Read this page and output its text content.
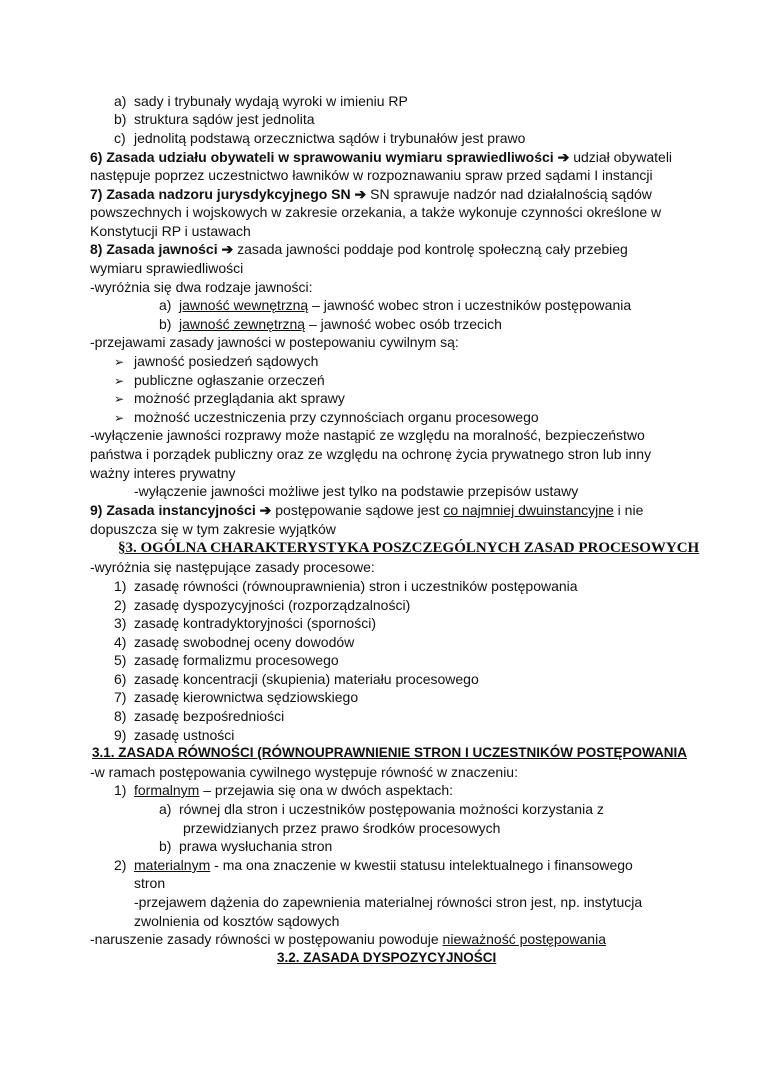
a) sady i trybunały wydają wyroki w imieniu RP
b) struktura sądów jest jednolita
c) jednolitą podstawą orzecznictwa sądów i trybunałów jest prawo
6) Zasada udziału obywateli w sprawowaniu wymiaru sprawiedliwości ➔ udział obywateli
następuje poprzez uczestnictwo ławników w rozpoznawaniu spraw przed sądami I instancji
7) Zasada nadzoru jurysdykcyjnego SN ➔ SN sprawuje nadzór nad działalnością sądów
powszechnych i wojskowych w zakresie orzekania, a także wykonuje czynności określone w
Konstytucji RP i ustawach
8) Zasada jawności ➔ zasada jawności poddaje pod kontrolę społeczną cały przebieg
wymiaru sprawiedliwości
-wyróżnia się dwa rodzaje jawności:
a) jawność wewnętrzną – jawność wobec stron i uczestników postępowania
b) jawność zewnętrzną – jawność wobec osób trzecich
-przejawami zasady jawności w postepowaniu cywilnym są:
➢ jawność posiedzeń sądowych
➢ publiczne ogłaszanie orzeczeń
➢ możność przeglądania akt sprawy
➢ możność uczestniczenia przy czynnościach organu procesowego
-wyłączenie jawności rozprawy może nastąpić ze względu na moralność, bezpieczeństwo
państwa i porządek publiczny oraz ze względu na ochronę życia prywatnego stron lub inny
ważny interes prywatny
-wyłączenie jawności możliwe jest tylko na podstawie przepisów ustawy
9) Zasada instancyjności ➔ postępowanie sądowe jest co najmniej dwuinstancyjne i nie
dopuszcza się w tym zakresie wyjątków
§3. OGÓLNA CHARAKTERYSTYKA POSZCZEGÓLNYCH ZASAD PROCESOWYCH
-wyróżnia się następujące zasady procesowe:
1) zasadę równości (równouprawnienia) stron i uczestników postępowania
2) zasadę dyspozycyjności (rozporządzalności)
3) zasadę kontradyktoryjności (sporności)
4) zasadę swobodnej oceny dowodów
5) zasadę formalizmu procesowego
6) zasadę koncentracji (skupienia) materiału procesowego
7) zasadę kierownictwa sędziowskiego
8) zasadę bezpośredniości
9) zasadę ustności
3.1. ZASADA RÓWNOŚCI (RÓWNOUPRAWNIENIE STRON I UCZESTNIKÓW POSTĘPOWANIA
-w ramach postępowania cywilnego występuje równość w znaczeniu:
1) formalnym – przejawia się ona w dwóch aspektach:
a) równej dla stron i uczestników postępowania możności korzystania z
przewidzianych przez prawo środków procesowych
b) prawa wysłuchania stron
2) materialnym - ma ona znaczenie w kwestii statusu intelektualnego i finansowego
stron
-przejawem dążenia do zapewnienia materialnej równości stron jest, np. instytucja
zwolnienia od kosztów sądowych
-naruszenie zasady równości w postępowaniu powoduje nieważność postępowania
3.2. ZASADA DYSPOZYCYJNOŚCI
